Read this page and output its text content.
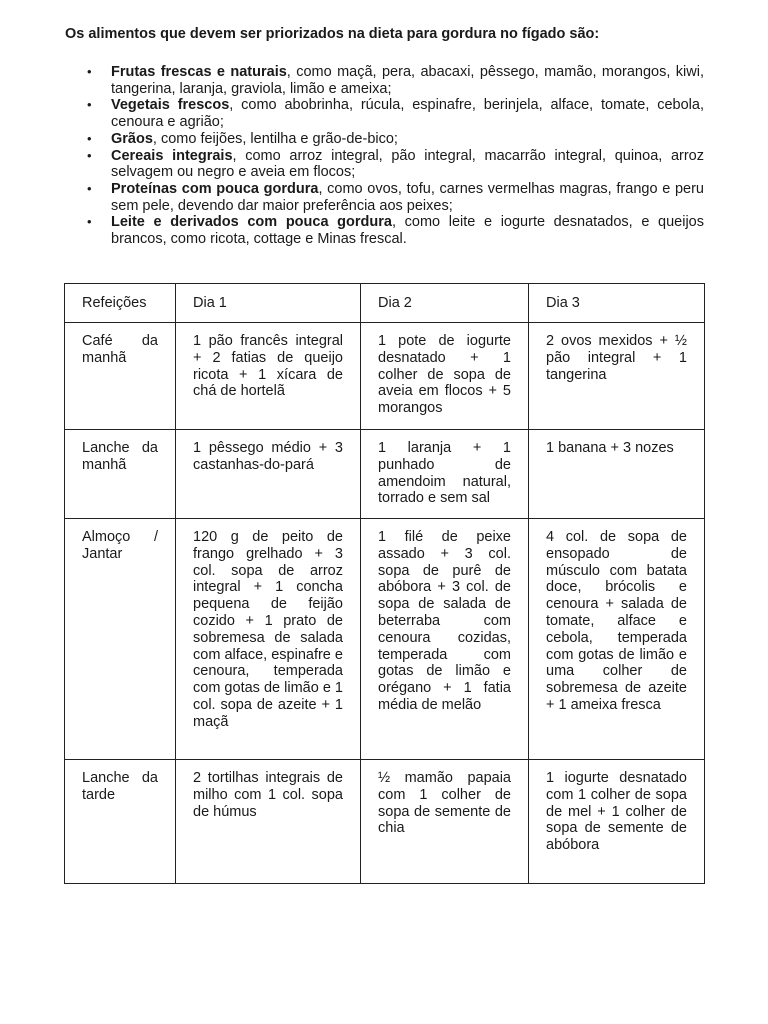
Os alimentos que devem ser priorizados na dieta para gordura no fígado são:

• Frutas frescas e naturais, como maçã, pera, abacaxi, pêssego, mamão, morangos, kiwi, tangerina, laranja, graviola, limão e ameixa;
• Vegetais frescos, como abobrinha, rúcula, espinafre, berinjela, alface, tomate, cebola, cenoura e agrião;
• Grãos, como feijões, lentilha e grão-de-bico;
• Cereais integrais, como arroz integral, pão integral, macarrão integral, quinoa, arroz selvagem ou negro e aveia em flocos;
• Proteínas com pouca gordura, como ovos, tofu, carnes vermelhas magras, frango e peru sem pele, devendo dar maior preferência aos peixes;
• Leite e derivados com pouca gordura, como leite e iogurte desnatados, e queijos brancos, como ricota, cottage e Minas frescal.
Refeições	Dia 1	Dia 2	Dia 3
Café da manhã	1 pão francês integral + 2 fatias de queijo ricota + 1 xícara de chá de hortelã	1 pote de iogurte desnatado + 1 colher de sopa de aveia em flocos + 5 morangos	2 ovos mexidos + ½ pão integral + 1 tangerina
Lanche da manhã	1 pêssego médio + 3 castanhas-do-pará	1 laranja + 1 punhado de amendoim natural, torrado e sem sal	1 banana + 3 nozes
Almoço / Jantar	120 g de peito de frango grelhado + 3 col. sopa de arroz integral + 1 concha pequena de feijão cozido + 1 prato de sobremesa de salada com alface, espinafre e cenoura, temperada com gotas de limão e 1 col. sopa de azeite + 1 maçã	1 filé de peixe assado + 3 col. sopa de purê de abóbora + 3 col. de sopa de salada de beterraba com cenoura cozidas, temperada com gotas de limão e orégano + 1 fatia média de melão	4 col. de sopa de ensopado de músculo com batata doce, brócolis e cenoura + salada de tomate, alface e cebola, temperada com gotas de limão e uma colher de sobremesa de azeite + 1 ameixa fresca
Lanche da tarde	2 tortilhas integrais de milho com 1 col. sopa de húmus	½ mamão papaia com 1 colher de sopa de semente de chia	1 iogurte desnatado com 1 colher de sopa de mel + 1 colher de sopa de semente de abóbora
